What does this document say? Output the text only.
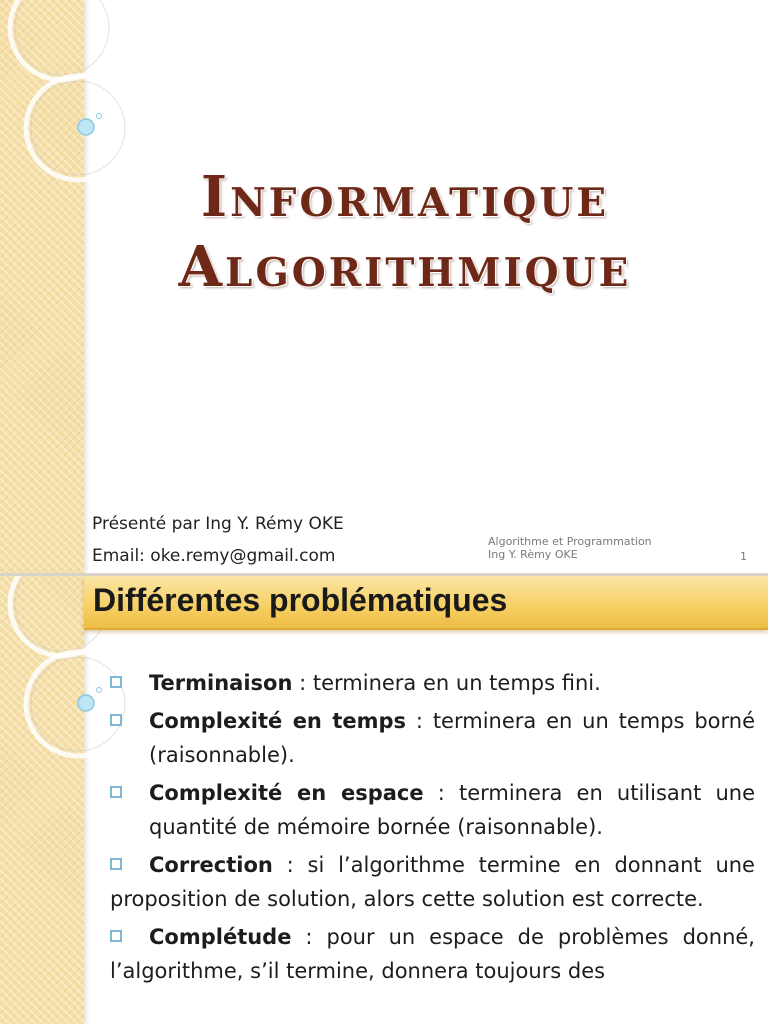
Informatique
Algorithmique
Présenté par Ing Y. Rémy OKE
Email: oke.remy@gmail.com
Algorithme et Programmation
Ing Y. Rèmy OKE	1
Différentes problématiques
Terminaison : terminera en un temps fini.
Complexité en temps : terminera en un temps borné (raisonnable).
Complexité en espace : terminera en utilisant une quantité de mémoire bornée (raisonnable).
Correction : si l’algorithme termine en donnant une proposition de solution, alors cette solution est correcte.
Complétude : pour un espace de problèmes donné, l’algorithme, s’il termine, donnera toujours des
